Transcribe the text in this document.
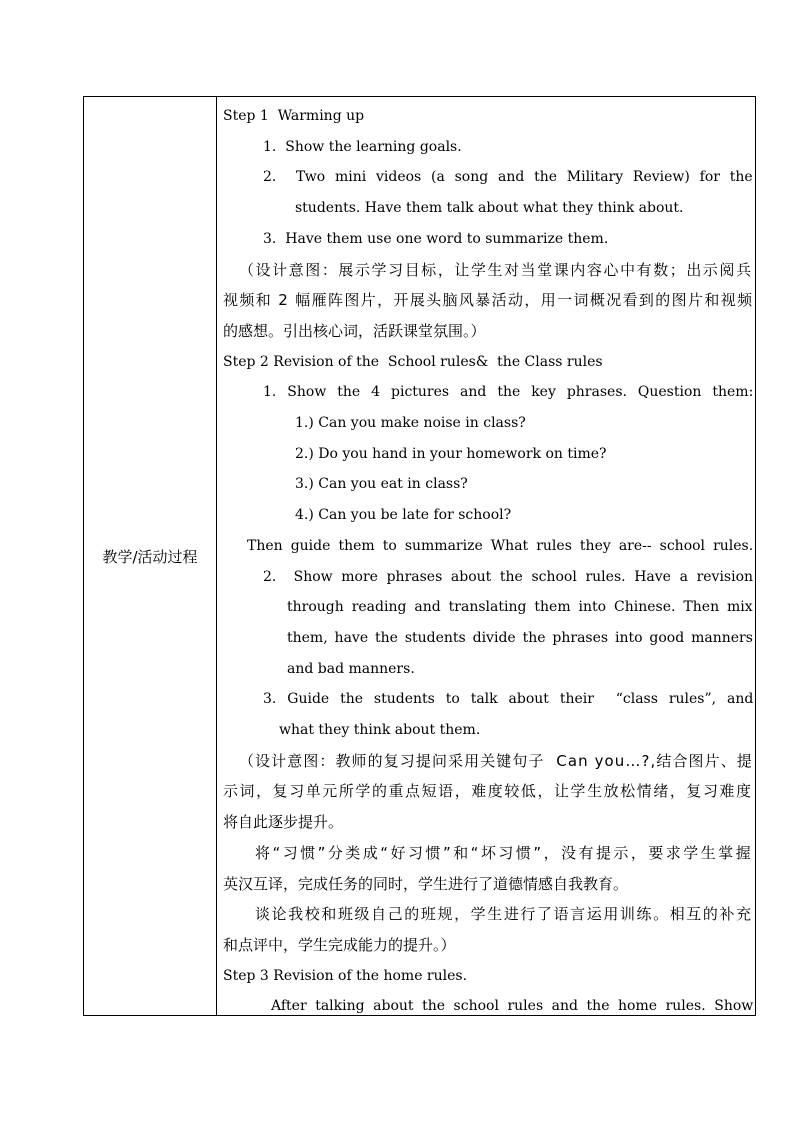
教学/活动过程
Step 1  Warming up
1.  Show the learning goals.
2.  Two mini videos (a song and the Military Review) for the
students. Have them talk about what they think about.
3.  Have them use one word to summarize them.
（设计意图：展示学习目标，让学生对当堂课内容心中有数；出示阅兵
视频和 2 幅雁阵图片，开展头脑风暴活动，用一词概况看到的图片和视频
的感想。引出核心词，活跃课堂氛围。）
Step 2 Revision of the  School rules&  the Class rules
1. Show the 4 pictures and the key phrases. Question them:
1.) Can you make noise in class?
2.) Do you hand in your homework on time?
3.) Can you eat in class?
4.) Can you be late for school?
Then guide them to summarize What rules they are-- school rules.
2.  Show more phrases about the school rules. Have a revision
through reading and translating them into Chinese. Then mix
them, have the students divide the phrases into good manners
and bad manners.
3. Guide the students to talk about their  “class rules”, and
what they think about them.
（设计意图：教师的复习提问采用关键句子  Can you…?,结合图片、提
示词，复习单元所学的重点短语，难度较低，让学生放松情绪，复习难度
将自此逐步提升。
将“习惯”分类成“好习惯”和“坏习惯”，没有提示，要求学生掌握
英汉互译，完成任务的同时，学生进行了道德情感自我教育。
谈论我校和班级自己的班规，学生进行了语言运用训练。相互的补充
和点评中，学生完成能力的提升。）
Step 3 Revision of the home rules.
After talking about the school rules and the home rules. Show
